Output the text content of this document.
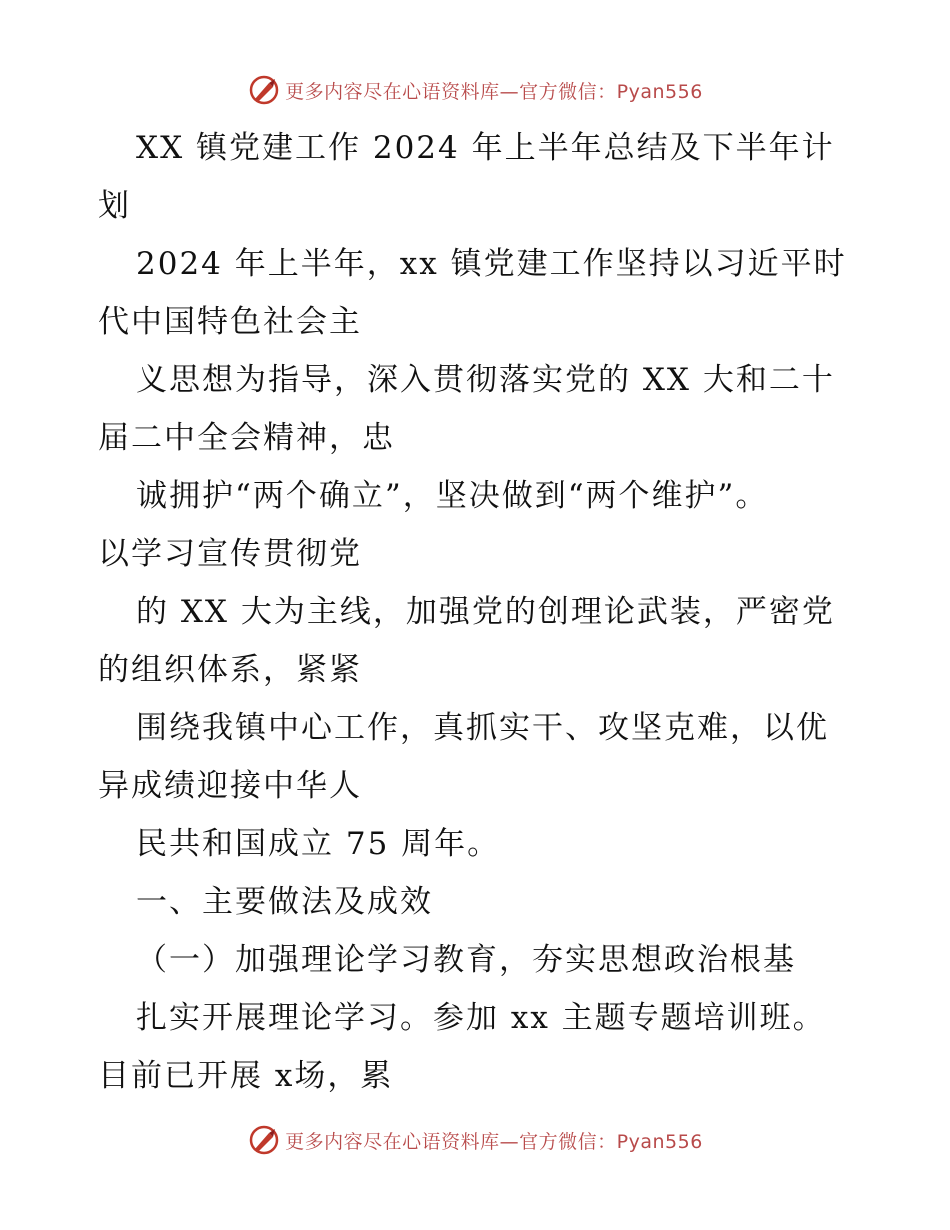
更多内容尽在心语资料库—官方微信：Pyan556
XX 镇党建工作 2024 年上半年总结及下半年计
划
2024 年上半年，xx 镇党建工作坚持以习近平时
代中国特色社会主
义思想为指导，深入贯彻落实党的 XX 大和二十
届二中全会精神，忠
诚拥护“两个确立”，坚决做到“两个维护”。
以学习宣传贯彻党
的 XX 大为主线，加强党的创理论武装，严密党
的组织体系，紧紧
围绕我镇中心工作，真抓实干、攻坚克难，以优
异成绩迎接中华人
民共和国成立 75 周年。
一、主要做法及成效
（一）加强理论学习教育，夯实思想政治根基
扎实开展理论学习。参加 xx 主题专题培训班。
目前已开展 x场，累
更多内容尽在心语资料库—官方微信：Pyan556
